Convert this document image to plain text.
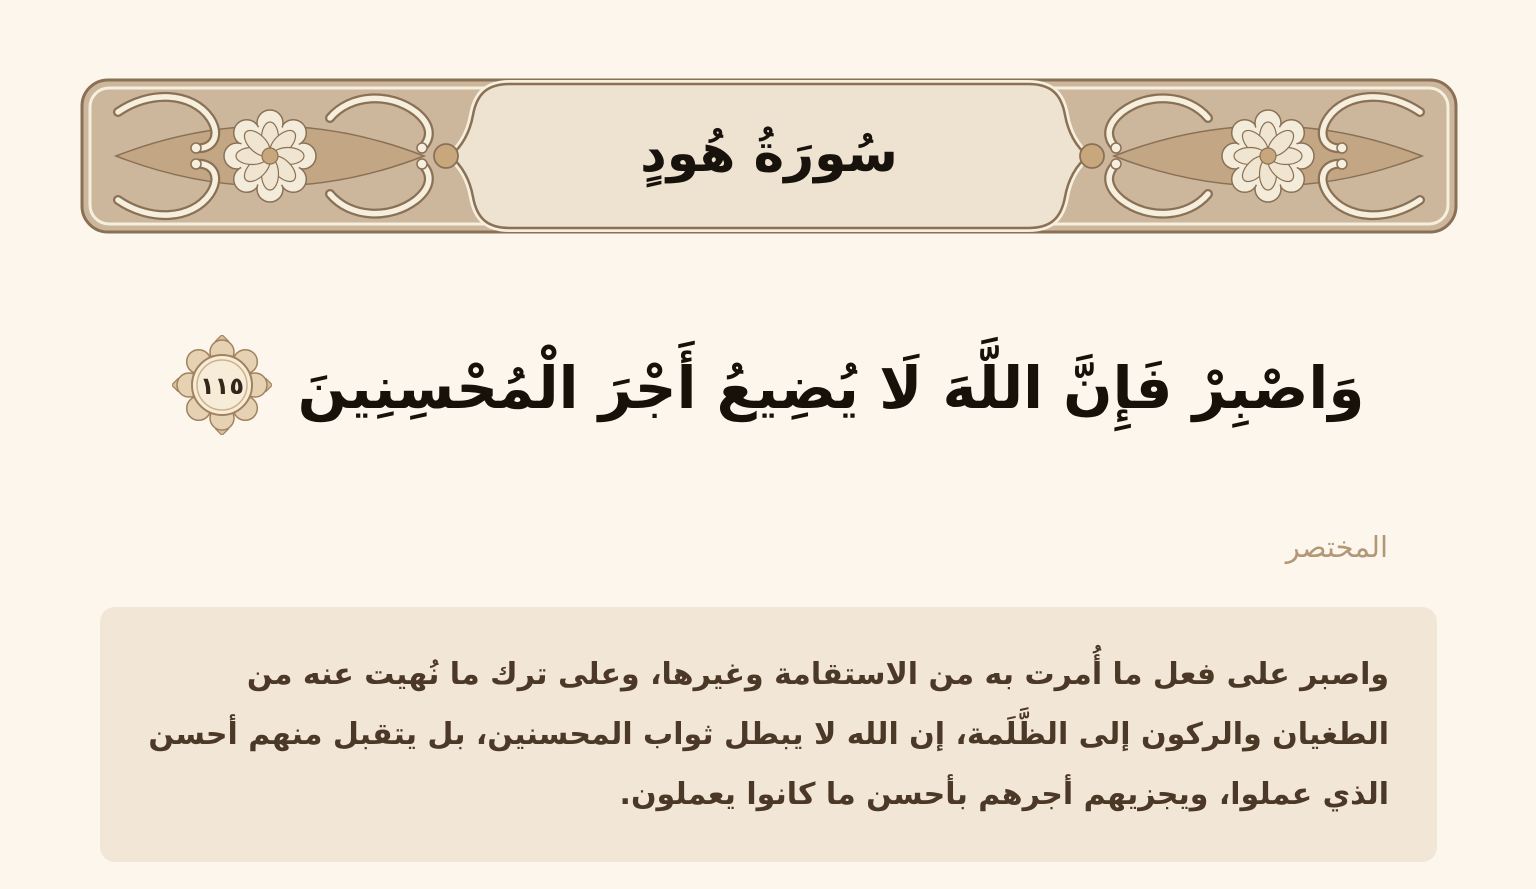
سُورَةُ هُودٍ
وَاصْبِرْ فَإِنَّ اللَّهَ لَا يُضِيعُ أَجْرَ الْمُحْسِنِينَ
١١٥
المختصر

واصبر على فعل ما أُمرت به من الاستقامة وغيرها، وعلى ترك ما نُهيت عنه من الطغيان والركون إلى الظَّلَمة، إن الله لا يبطل ثواب المحسنين، بل يتقبل منهم أحسن الذي عملوا، ويجزيهم أجرهم بأحسن ما كانوا يعملون.
